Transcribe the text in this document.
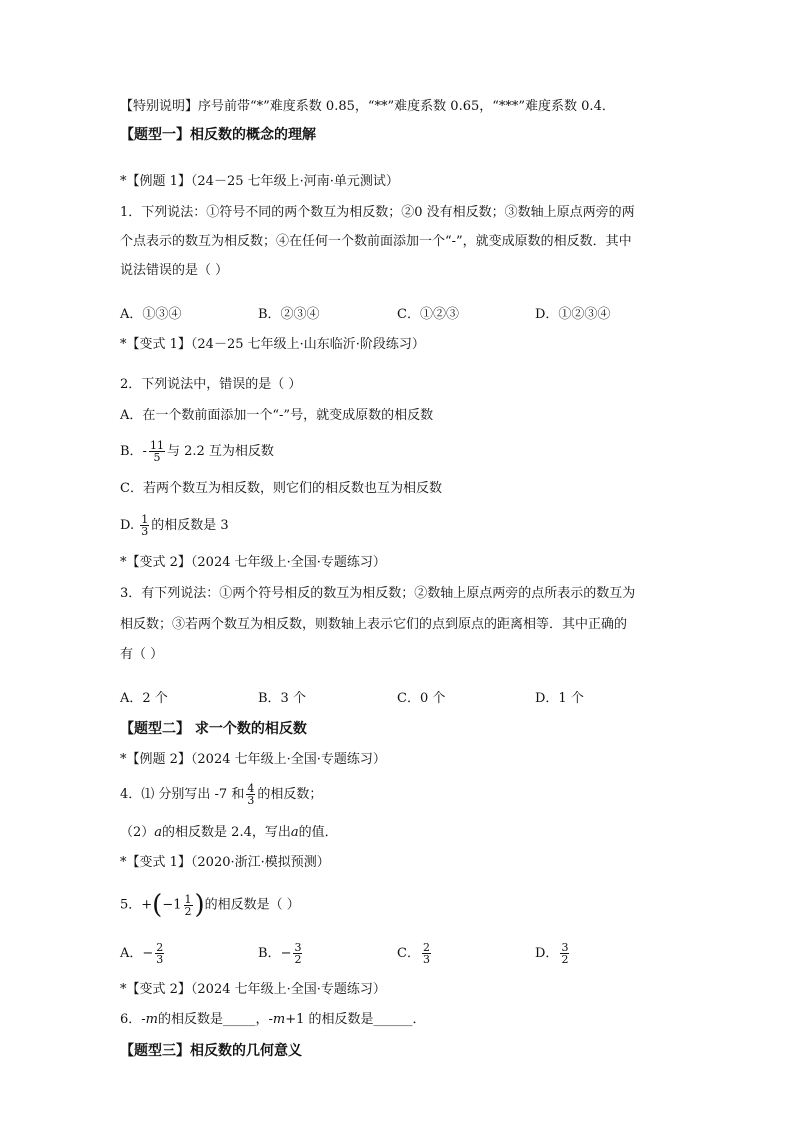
【特别说明】序号前带“*”难度系数 0.85，“**”难度系数 0.65，“***”难度系数 0.4．
【题型一】相反数的概念的理解
*【例题 1】（24－25 七年级上·河南·单元测试）
1．下列说法：①符号不同的两个数互为相反数；②0 没有相反数；③数轴上原点两旁的两
个点表示的数互为相反数；④在任何一个数前面添加一个“-”，就变成原数的相反数．其中
说法错误的是（ ）
A．①③④	B．②③④	C．①②③	D．①②③④
*【变式 1】（24－25 七年级上·山东临沂·阶段练习）
2．下列说法中，错误的是（ ）
A．在一个数前面添加一个“-”号，就变成原数的相反数
B．- $\frac{11}{5}$ 与 2.2 互为相反数
C．若两个数互为相反数，则它们的相反数也互为相反数
D. $\frac{1}{3}$ 的相反数是 3
*【变式 2】（2024 七年级上·全国·专题练习）
3．有下列说法：①两个符号相反的数互为相反数；②数轴上原点两旁的点所表示的数互为
相反数；③若两个数互为相反数，则数轴上表示它们的点到原点的距离相等．其中正确的
有（ ）
A．2 个	B．3 个	C．0 个	D．1 个
【题型二】 求一个数的相反数
*【例题 2】（2024 七年级上·全国·专题练习）
4．⑴ 分别写出 -7 和 $\frac{4}{3}$ 的相反数；
（2）a的相反数是 2.4，写出a的值．
*【变式 1】（2020·浙江·模拟预测）
5．$+(-1 \frac{1}{2}$ )的相反数是（ ）
A．− $\frac{2}{3}$	B．− $\frac{3}{2}$	C． $\frac{2}{3}$	D． $\frac{3}{2}$
*【变式 2】（2024 七年级上·全国·专题练习）
6．-m的相反数是_____，-m+1 的相反数是______．
【题型三】相反数的几何意义
